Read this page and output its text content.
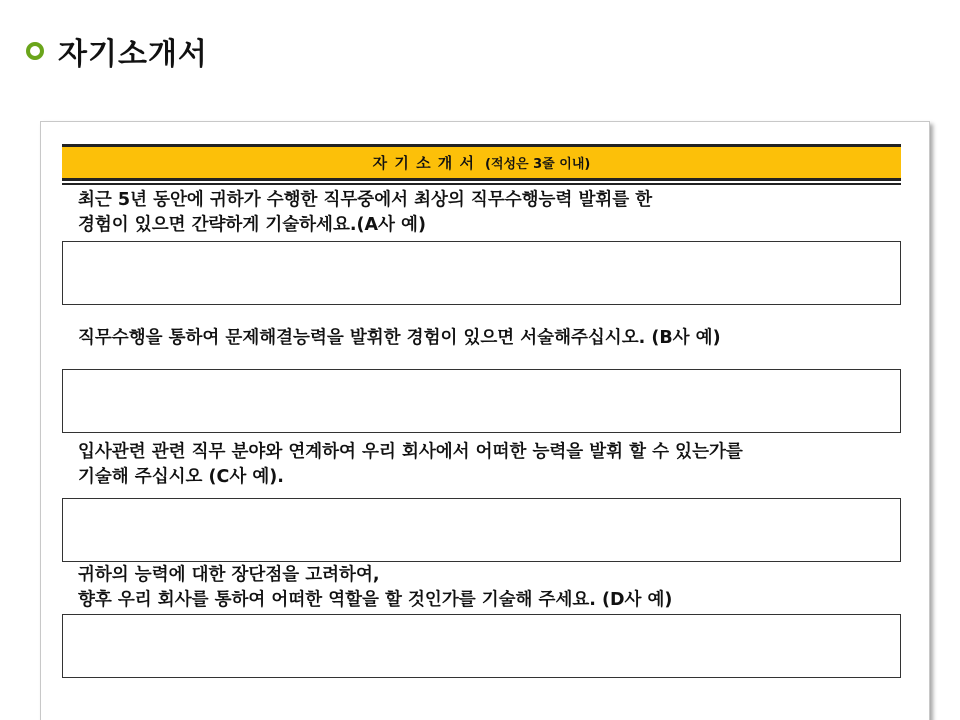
자기소개서
자 기 소 개 서 (적성은 3줄 이내)
최근 5년 동안에 귀하가 수행한 직무중에서 최상의 직무수행능력 발휘를 한
경험이 있으면 간략하게 기술하세요.(A사 예)
직무수행을 통하여 문제해결능력을 발휘한 경험이 있으면 서술해주십시오. (B사 예)
입사관련 관련 직무 분야와 연계하여 우리 회사에서 어떠한 능력을 발휘 할 수 있는가를
기술해 주십시오 (C사 예).
귀하의 능력에 대한 장단점을 고려하여,
향후 우리 회사를 통하여 어떠한 역할을 할 것인가를 기술해 주세요. (D사 예)
